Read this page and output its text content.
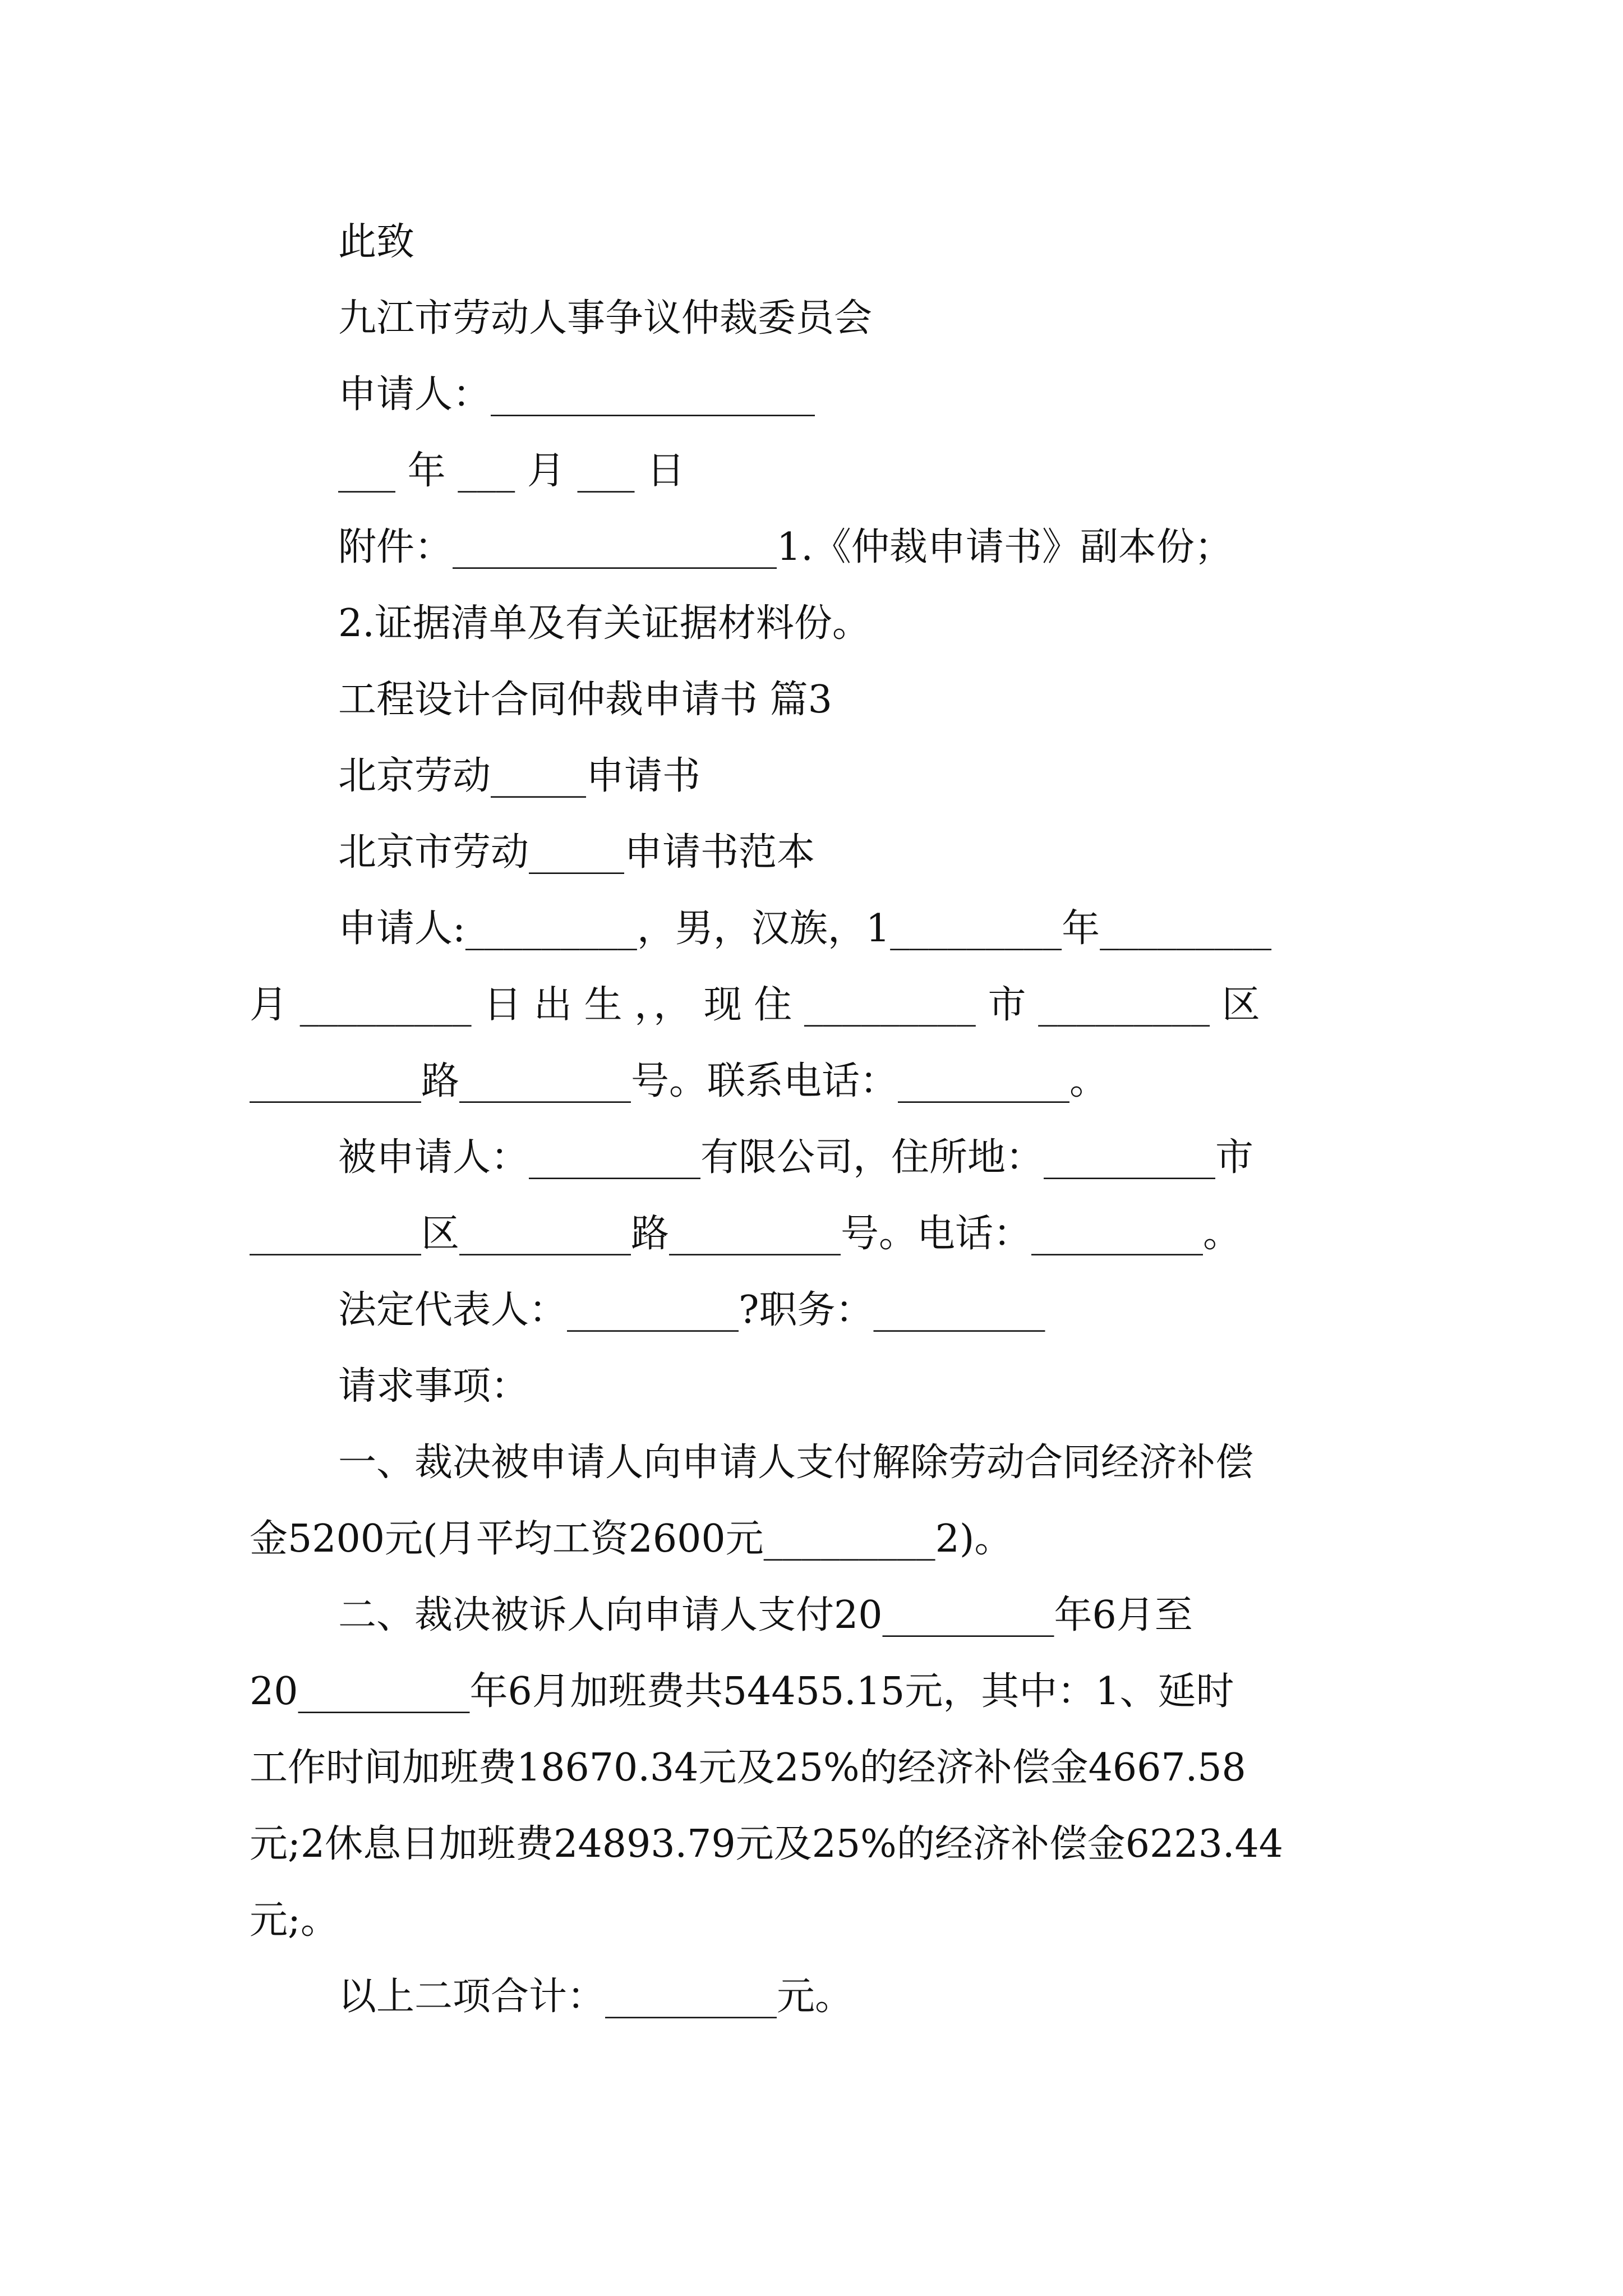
此致
九江市劳动人事争议仲裁委员会
申请人：_________________
___ 年 ___ 月 ___ 日
附件：_________________1.《仲裁申请书》副本份；
2.证据清单及有关证据材料份。
工程设计合同仲裁申请书 篇3
北京劳动_____申请书
北京市劳动_____申请书范本
申请人:_________，男，汉族，1_________年_________
月 _________ 日 出 生 ，， 现 住 _________ 市 _________ 区
_________路_________号。联系电话：_________。
被申请人：_________有限公司，住所地：_________市
_________区_________路_________号。电话：_________。
法定代表人：_________?职务：_________
请求事项：
一、裁决被申请人向申请人支付解除劳动合同经济补偿
金5200元(月平均工资2600元_________2)。
二、裁决被诉人向申请人支付20_________年6月至
20_________年6月加班费共54455.15元，其中：1、延时
工作时间加班费18670.34元及25%的经济补偿金4667.58
元;2休息日加班费24893.79元及25%的经济补偿金6223.44
元;。
以上二项合计：_________元。
